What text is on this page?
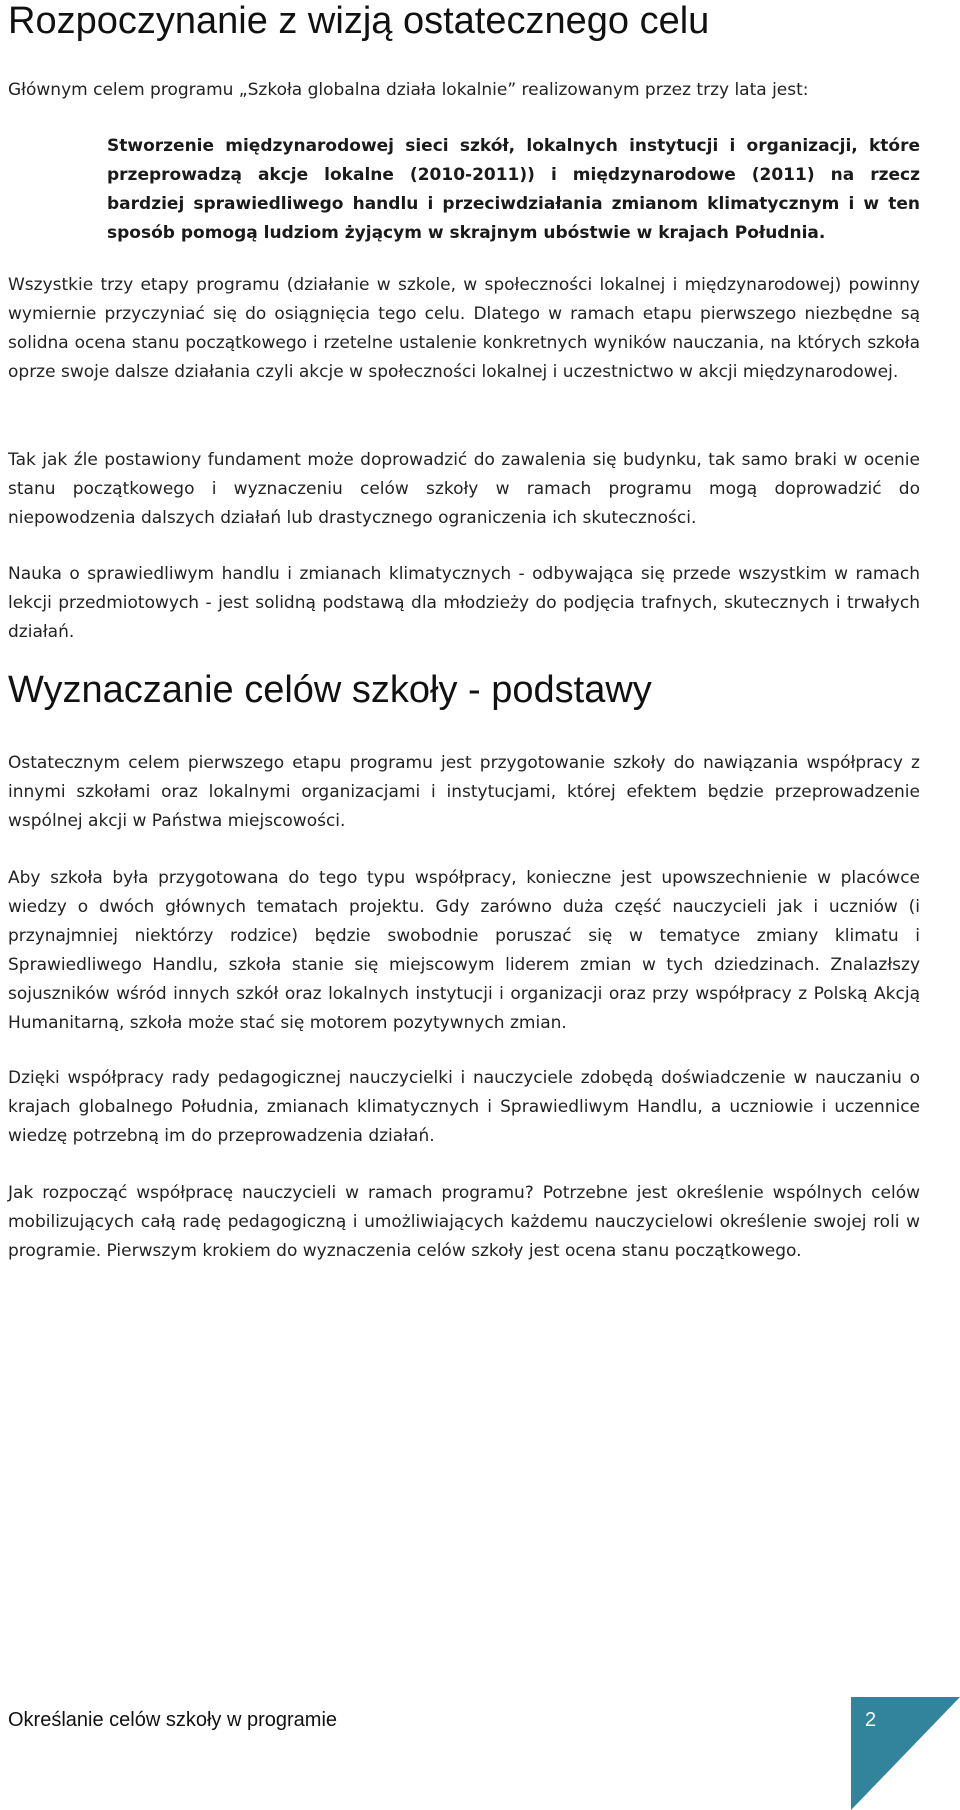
Rozpoczynanie z wizją ostatecznego celu

Głównym celem programu „Szkoła globalna działa lokalnie” realizowanym przez trzy lata jest:

Stworzenie międzynarodowej sieci szkół, lokalnych instytucji i organizacji, które przeprowadzą akcje lokalne (2010-2011)) i międzynarodowe (2011) na rzecz bardziej sprawiedliwego handlu i przeciwdziałania zmianom klimatycznym i w ten sposób pomogą ludziom żyjącym w skrajnym ubóstwie w krajach Południa.

Wszystkie trzy etapy programu (działanie w szkole, w społeczności lokalnej i międzynarodowej) powinny wymiernie przyczyniać się do osiągnięcia tego celu. Dlatego w ramach etapu pierwszego niezbędne są solidna ocena stanu początkowego i rzetelne ustalenie konkretnych wyników nauczania, na których szkoła oprze swoje dalsze działania czyli akcje w społeczności lokalnej i uczestnictwo w akcji międzynarodowej.

Tak jak źle postawiony fundament może doprowadzić do zawalenia się budynku, tak samo braki w ocenie stanu początkowego i wyznaczeniu celów szkoły w ramach programu mogą doprowadzić do niepowodzenia dalszych działań lub drastycznego ograniczenia ich skuteczności.

Nauka o sprawiedliwym handlu i zmianach klimatycznych - odbywająca się przede wszystkim w ramach lekcji przedmiotowych - jest solidną podstawą dla młodzieży do podjęcia trafnych, skutecznych i trwałych działań.

Wyznaczanie celów szkoły - podstawy

Ostatecznym celem pierwszego etapu programu jest przygotowanie szkoły do nawiązania współpracy z innymi szkołami oraz lokalnymi organizacjami i instytucjami, której efektem będzie przeprowadzenie wspólnej akcji w Państwa miejscowości.

Aby szkoła była przygotowana do tego typu współpracy, konieczne jest upowszechnienie w placówce wiedzy o dwóch głównych tematach projektu. Gdy zarówno duża część nauczycieli jak i uczniów (i przynajmniej niektórzy rodzice) będzie swobodnie poruszać się w tematyce zmiany klimatu i Sprawiedliwego Handlu, szkoła stanie się miejscowym liderem zmian w tych dziedzinach. Znalazłszy sojuszników wśród innych szkół oraz lokalnych instytucji i organizacji oraz przy współpracy z Polską Akcją Humanitarną, szkoła może stać się motorem pozytywnych zmian.

Dzięki współpracy rady pedagogicznej nauczycielki i nauczyciele zdobędą doświadczenie w nauczaniu o krajach globalnego Południa, zmianach klimatycznych i Sprawiedliwym Handlu, a uczniowie i uczennice wiedzę potrzebną im do przeprowadzenia działań.

Jak rozpocząć współpracę nauczycieli w ramach programu? Potrzebne jest określenie wspólnych celów mobilizujących całą radę pedagogiczną i umożliwiających każdemu nauczycielowi określenie swojej roli w programie. Pierwszym krokiem do wyznaczenia celów szkoły jest ocena stanu początkowego.

Określanie celów szkoły w programie	2
